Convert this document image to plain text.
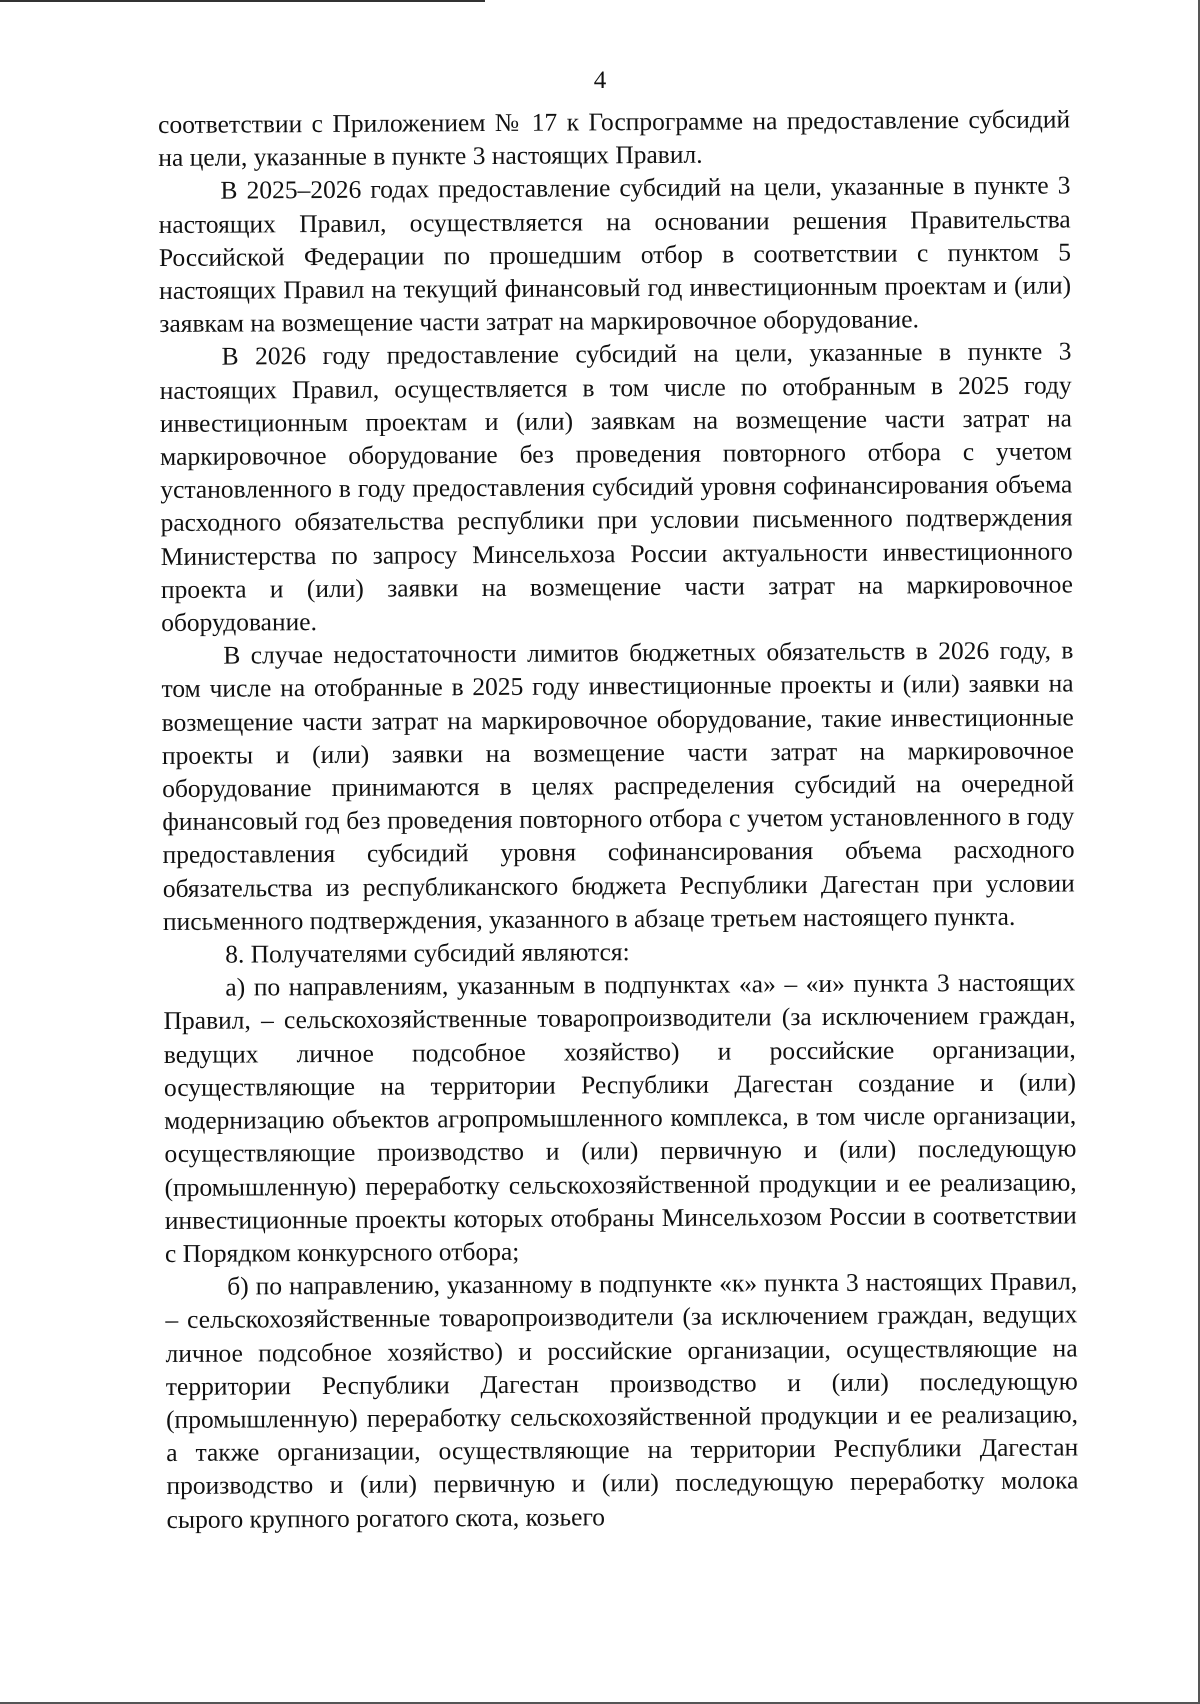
4

соответствии с Приложением № 17 к Госпрограмме на предоставление субсидий на цели, указанные в пункте 3 настоящих Правил.

В 2025–2026 годах предоставление субсидий на цели, указанные в пункте 3 настоящих Правил, осуществляется на основании решения Правительства Российской Федерации по прошедшим отбор в соответствии с пунктом 5 настоящих Правил на текущий финансовый год инвестиционным проектам и (или) заявкам на возмещение части затрат на маркировочное оборудование.

В 2026 году предоставление субсидий на цели, указанные в пункте 3 настоящих Правил, осуществляется в том числе по отобранным в 2025 году инвестиционным проектам и (или) заявкам на возмещение части затрат на маркировочное оборудование без проведения повторного отбора с учетом установленного в году предоставления субсидий уровня софинансирования объема расходного обязательства республики при условии письменного подтверждения Министерства по запросу Минсельхоза России актуальности инвестиционного проекта и (или) заявки на возмещение части затрат на маркировочное оборудование.

В случае недостаточности лимитов бюджетных обязательств в 2026 году, в том числе на отобранные в 2025 году инвестиционные проекты и (или) заявки на возмещение части затрат на маркировочное оборудование, такие инвестиционные проекты и (или) заявки на возмещение части затрат на маркировочное оборудование принимаются в целях распределения субсидий на очередной финансовый год без проведения повторного отбора с учетом установленного в году предоставления субсидий уровня софинансирования объема расходного обязательства из республиканского бюджета Республики Дагестан при условии письменного подтверждения, указанного в абзаце третьем настоящего пункта.

8. Получателями субсидий являются:

а) по направлениям, указанным в подпунктах «а» – «и» пункта 3 настоящих Правил, – сельскохозяйственные товаропроизводители (за исключением граждан, ведущих личное подсобное хозяйство) и российские организации, осуществляющие на территории Республики Дагестан создание и (или) модернизацию объектов агропромышленного комплекса, в том числе организации, осуществляющие производство и (или) первичную и (или) последующую (промышленную) переработку сельскохозяйственной продукции и ее реализацию, инвестиционные проекты которых отобраны Минсельхозом России в соответствии с Порядком конкурсного отбора;

б) по направлению, указанному в подпункте «к» пункта 3 настоящих Правил, – сельскохозяйственные товаропроизводители (за исключением граждан, ведущих личное подсобное хозяйство) и российские организации, осуществляющие на территории Республики Дагестан производство и (или) последующую (промышленную) переработку сельскохозяйственной продукции и ее реализацию, а также организации, осуществляющие на территории Республики Дагестан производство и (или) первичную и (или) последующую переработку молока сырого крупного рогатого скота, козьего
